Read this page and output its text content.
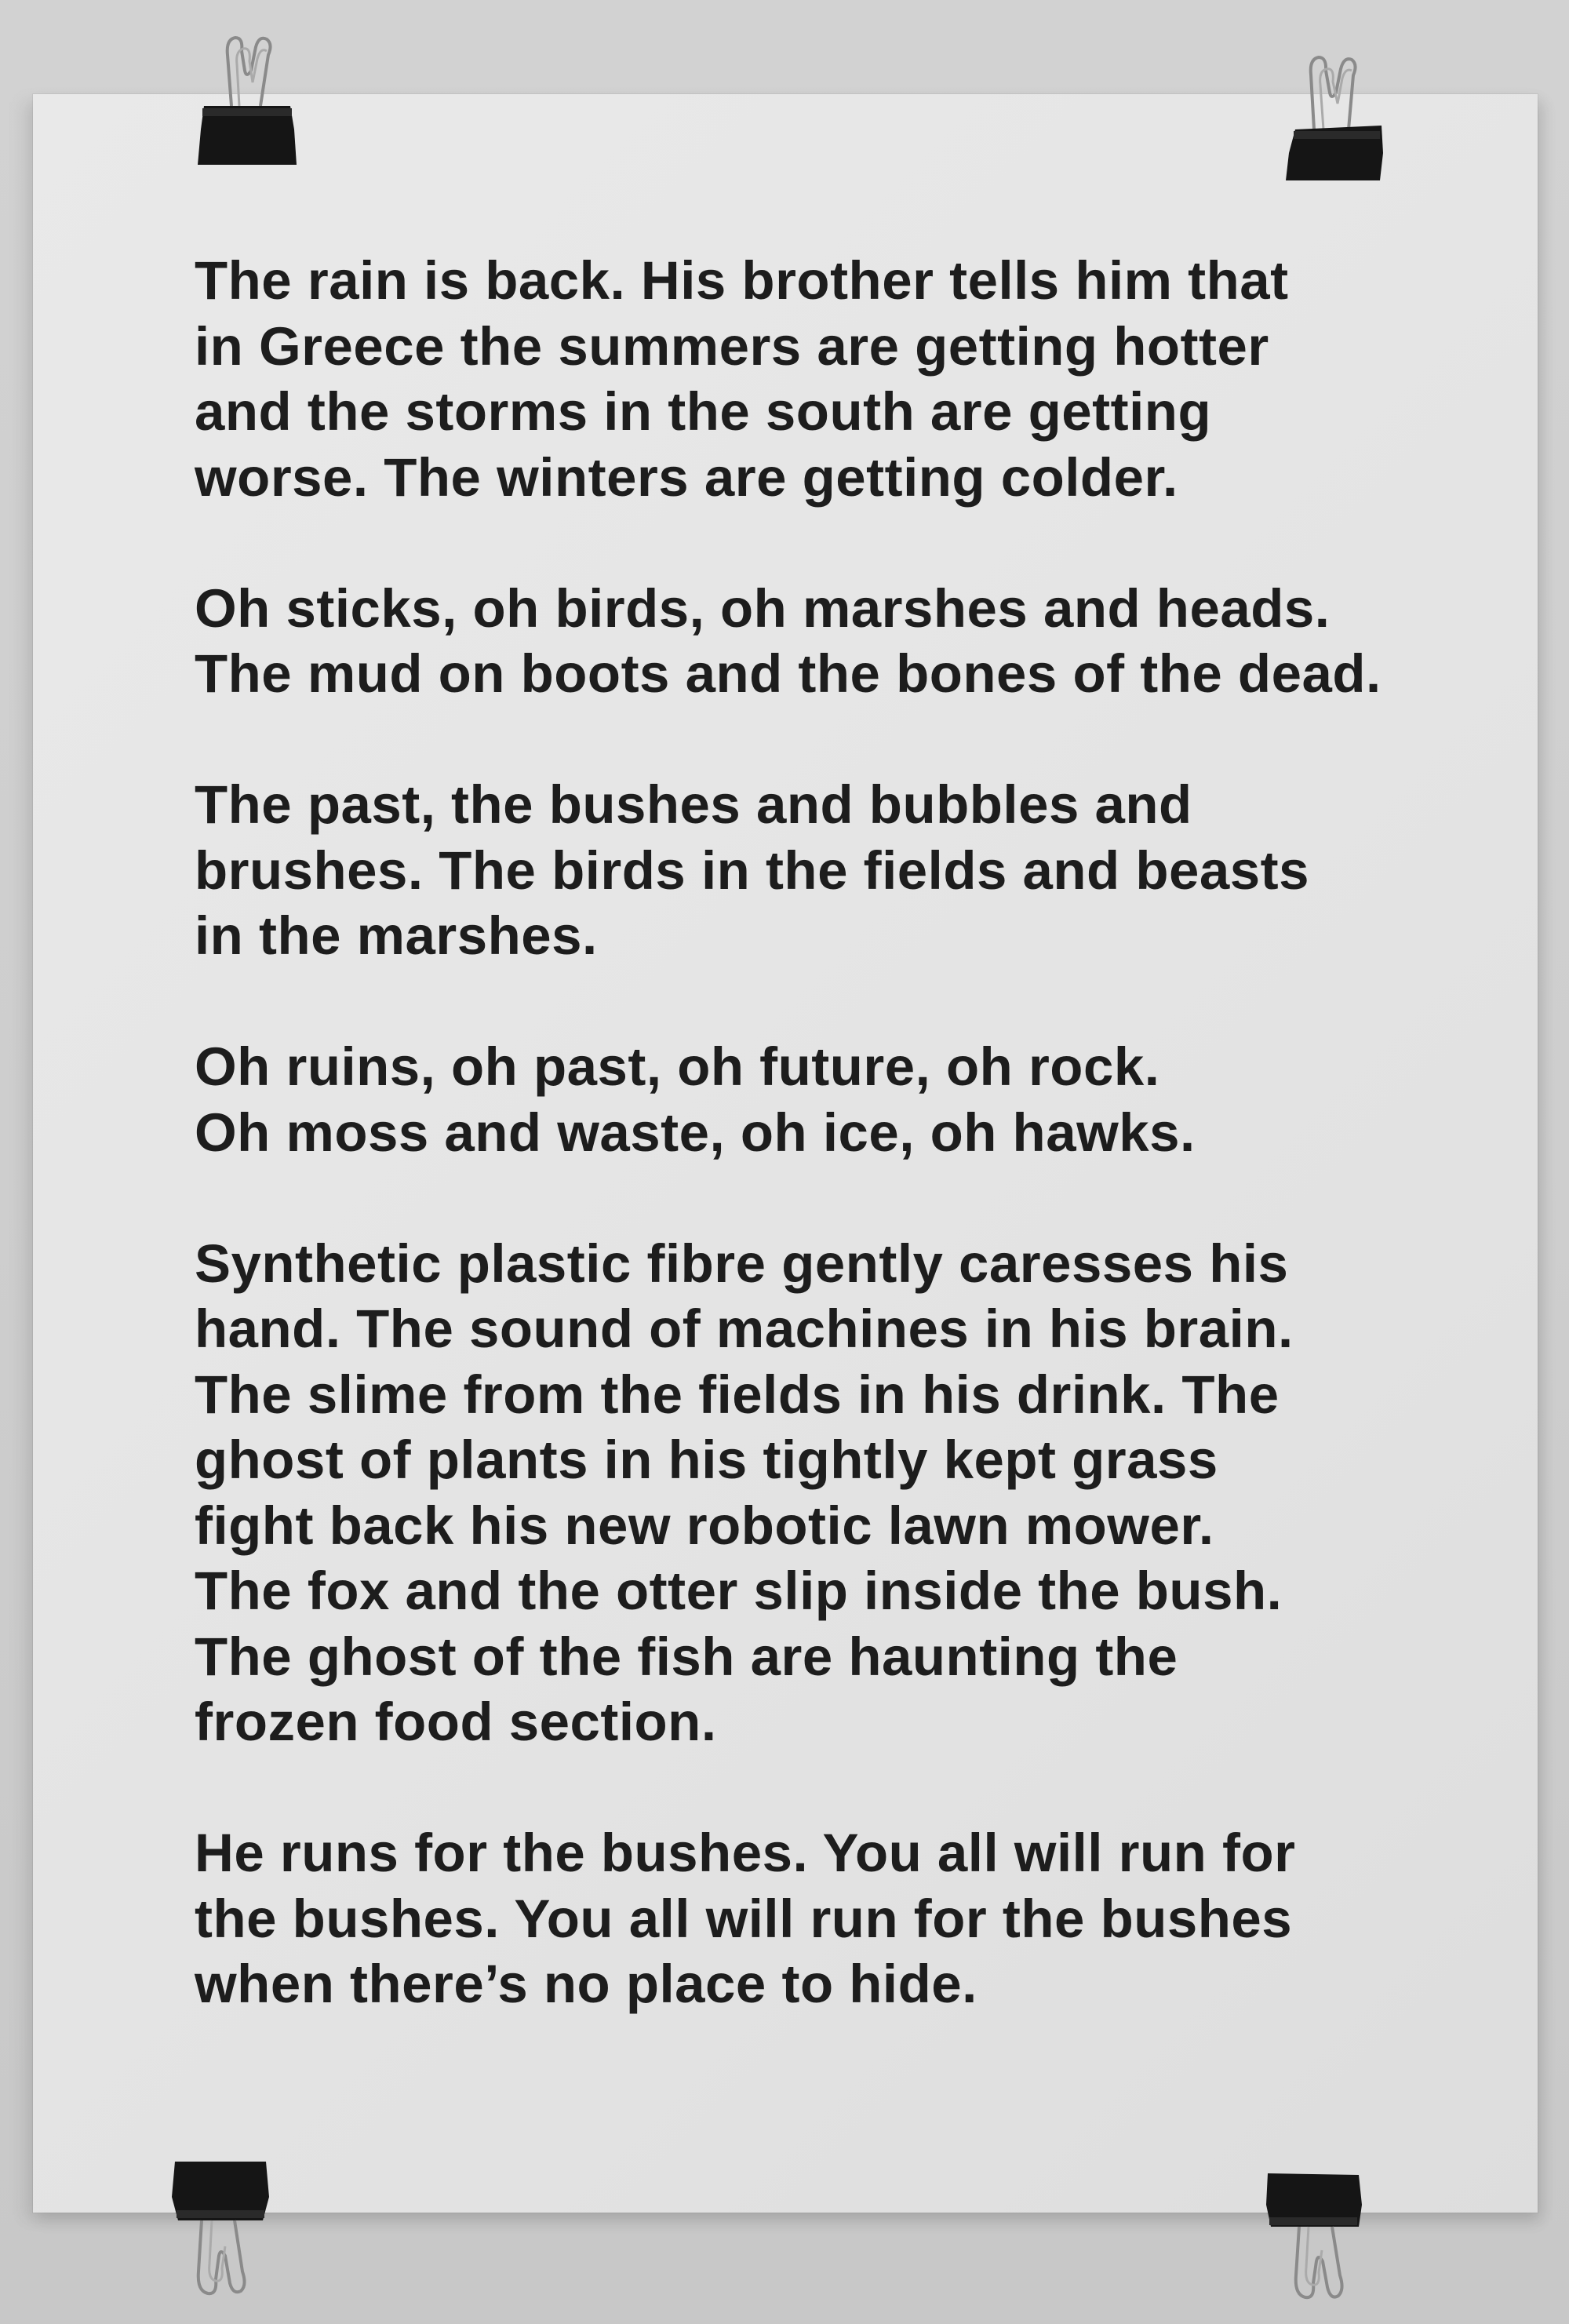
The rain is back. His brother tells him that
in Greece the summers are getting hotter
and the storms in the south are getting
worse. The winters are getting colder.
Oh sticks, oh birds, oh marshes and heads.
The mud on boots and the bones of the dead.
The past, the bushes and bubbles and
brushes. The birds in the fields and beasts
in the marshes.
Oh ruins, oh past, oh future, oh rock.
Oh moss and waste, oh ice, oh hawks.
Synthetic plastic fibre gently caresses his
hand. The sound of machines in his brain.
The slime from the fields in his drink. The
ghost of plants in his tightly kept grass
fight back his new robotic lawn mower.
The fox and the otter slip inside the bush.
The ghost of the fish are haunting the
frozen food section.
He runs for the bushes. You all will run for
the bushes. You all will run for the bushes
when there’s no place to hide.
